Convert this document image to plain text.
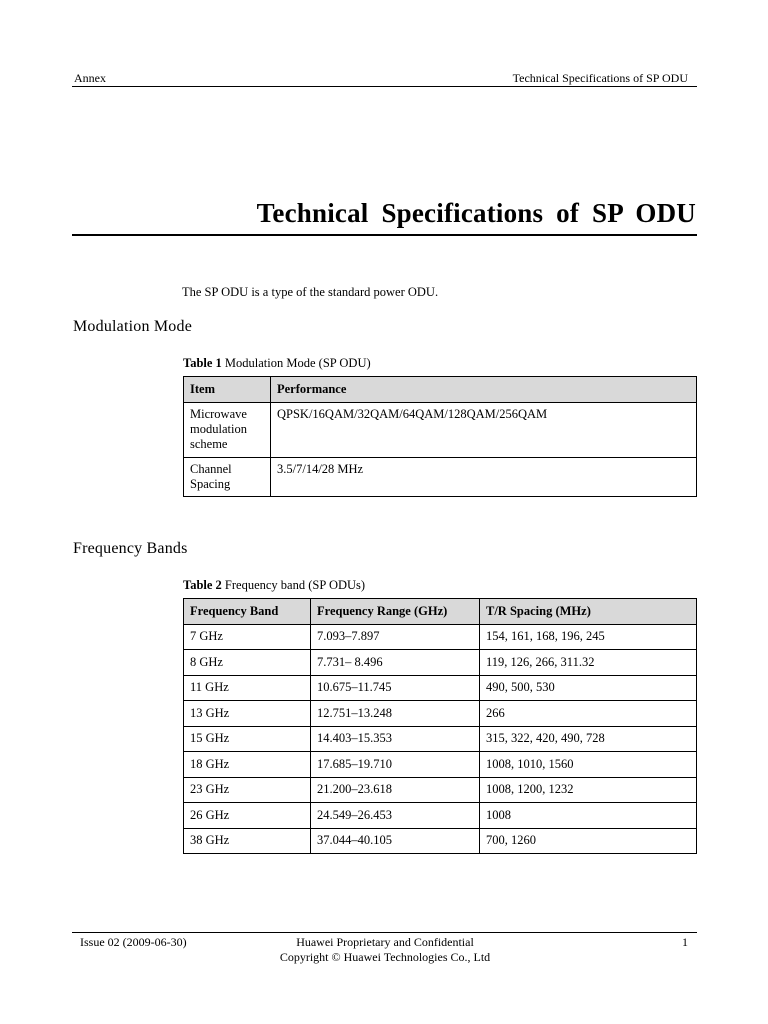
Annex	Technical Specifications of SP ODU
Technical Specifications of SP ODU
The SP ODU is a type of the standard power ODU.
Modulation Mode
Table 1 Modulation Mode (SP ODU)
Item	Performance
Microwave modulation scheme	QPSK/16QAM/32QAM/64QAM/128QAM/256QAM
Channel Spacing	3.5/7/14/28 MHz
Frequency Bands
Table 2 Frequency band (SP ODUs)
Frequency Band	Frequency Range (GHz)	T/R Spacing (MHz)
7 GHz	7.093–7.897	154, 161, 168, 196, 245
8 GHz	7.731– 8.496	119, 126, 266, 311.32
11 GHz	10.675–11.745	490, 500, 530
13 GHz	12.751–13.248	266
15 GHz	14.403–15.353	315, 322, 420, 490, 728
18 GHz	17.685–19.710	1008, 1010, 1560
23 GHz	21.200–23.618	1008, 1200, 1232
26 GHz	24.549–26.453	1008
38 GHz	37.044–40.105	700, 1260
Issue 02 (2009-06-30)	Huawei Proprietary and Confidential
Copyright © Huawei Technologies Co., Ltd
1
